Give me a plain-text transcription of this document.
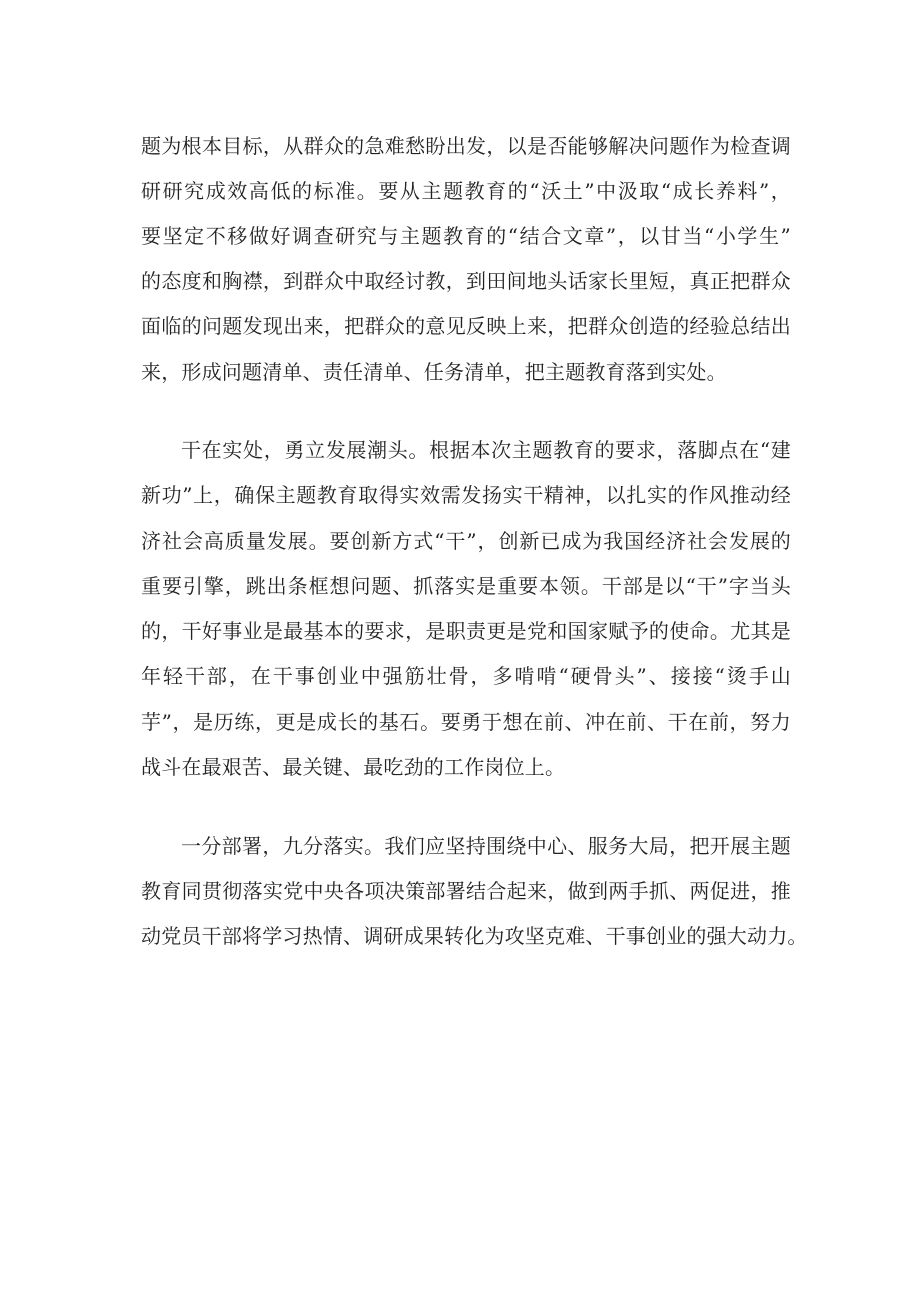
题为根本目标，从群众的急难愁盼出发，以是否能够解决问题作为检查调
研研究成效高低的标准。要从主题教育的“沃土”中汲取“成长养料”，
要坚定不移做好调查研究与主题教育的“结合文章”，以甘当“小学生”
的态度和胸襟，到群众中取经讨教，到田间地头话家长里短，真正把群众
面临的问题发现出来，把群众的意见反映上来，把群众创造的经验总结出
来，形成问题清单、责任清单、任务清单，把主题教育落到实处。
干在实处，勇立发展潮头。根据本次主题教育的要求，落脚点在“建
新功”上，确保主题教育取得实效需发扬实干精神，以扎实的作风推动经
济社会高质量发展。要创新方式“干”，创新已成为我国经济社会发展的
重要引擎，跳出条框想问题、抓落实是重要本领。干部是以“干”字当头
的，干好事业是最基本的要求，是职责更是党和国家赋予的使命。尤其是
年轻干部，在干事创业中强筋壮骨，多啃啃“硬骨头”、接接“烫手山
芋”，是历练，更是成长的基石。要勇于想在前、冲在前、干在前，努力
战斗在最艰苦、最关键、最吃劲的工作岗位上。
一分部署，九分落实。我们应坚持围绕中心、服务大局，把开展主题
教育同贯彻落实党中央各项决策部署结合起来，做到两手抓、两促进，推
动党员干部将学习热情、调研成果转化为攻坚克难、干事创业的强大动力。
